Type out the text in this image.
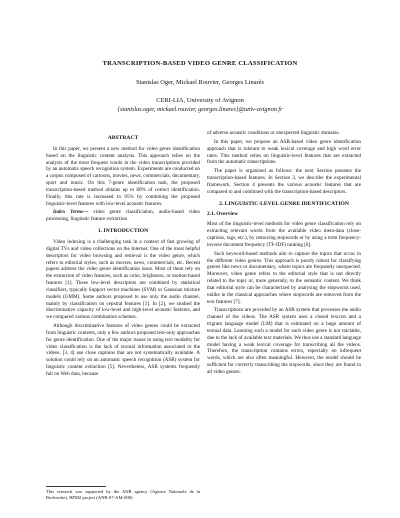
TRANSCRIPTION-BASED VIDEO GENRE CLASSIFICATION
Stanislas Oger, Mickael Rouvier, Georges Linarès
CERI-LIA, University of Avignon
{stanislas.oger, mickael.rouvier, georges.linares}@univ-avignon.fr
ABSTRACT

In this paper, we present a new method for video genre identification based on the linguistic content analysis. This approach relies on the analysis of the most frequent words in the video transcriptions provided by an automatic speech recognition system. Experiments are conducted on a corpus composed of cartoons, movies, news, commercials, documentary, sport and music. On this 7-genre identification task, the proposed transcription-based method obtains up to 80% of correct identification. Finally, this rate is increased to 95% by combining the proposed linguistic-level features with low-level acoustic features.

Index Terms— video genre classification, audio-based video processing, linguistic feature extraction

1. INTRODUCTION

Video indexing is a challenging task in a context of fast growing of digital TVs and video collections on the Internet. One of the most helpful descriptors for video browsing and retrieval is the video genre, which refers to editorial styles, such as movies, news, commercials, etc. Recent papers address the video genre identification issue. Most of them rely on the extraction of video features, such as color, brightness, or motion-based features [1]. These low-level descriptors are combined by statistical classifiers, typically Support vector machines (SVM) or Gaussian mixture models (GMM). Some authors proposed to use only the audio channel, mainly by classification on cepstral features [1]. In [2], we studied the discriminative capacity of low-level and high-level acoustic features, and we compared various combination schemes.

Although discriminative features of video genres could be extracted from linguistic contents, only a few authors proposed text-only approaches for genre identification. One of the major issues in using text modality for video classification is the lack of textual information associated to the videos. [3, 4] use close captions that are not systematically available. A solution could rely on an automatic speech recognition (ASR) system for linguistic content extraction [5]. Nevertheless, ASR systems frequently fail on Web data, because

of adverse acoustic conditions or unexpected linguistic domains.

In this paper, we propose an ASR-based video genre identification approach that is tolerant to weak lexical coverage and high word error rates. This method relies on linguistic-level features that are extracted from the automatic transcriptions.

The paper is organized as follows: the next Section presents the transcription-based features. In Section 3, we describe the experimental framework. Section 4 presents the various acoustic features that are compared to and combined with the transcription-based descriptors.

2. LINGUISTIC-LEVEL GENRE IDENTIFICATION
2.1. Overview

Most of the linguistic-level methods for video genre classification rely on extracting relevant words from the available video meta-data (close-captions, tags, etc.), by removing stopwords or by using a term frequency-inverse document frequency (TF-IDF) ranking [6].

Such keyword-based methods aim to capture the topics that occur in the different video genres. This approach is poorly robust for classifying genres like news or documentary, where topics are frequently unexpected. Moreover, video genre refers to the editorial style that is not directly related to the topic or, more generally, to the semantic content. We think that editorial style can be characterized by analysing the stopwords used, unlike in the classical approaches where stopwords are removed from the text features [7].

Transcriptions are provided by an ASR system that processes the audio channel of the videos. The ASR system uses a closed lexicon and a trigram language model (LM) that is estimated on a huge amount of textual data. Learning such a model for each video genre is not tractable, due to the lack of available text materials. We thus use a standard language model having a weak lexical coverage for transcribing all the videos. Therefore, the transcription contains errors, especially on infrequent words, which are also often meaningful. However, the model should be sufficient for correctly transcribing the stopwords, since they are found in all video genres.

This research was supported by the ANR agency (Agence Nationale de la Recherche), RPM2 project (ANR-07-AM-008)
